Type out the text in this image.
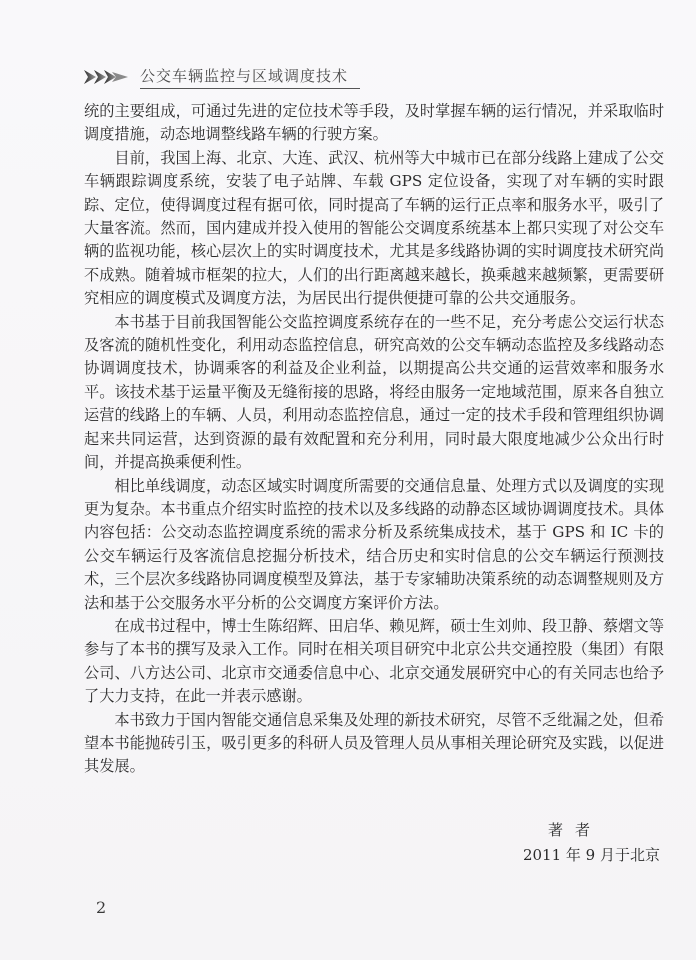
公交车辆监控与区域调度技术

统的主要组成，可通过先进的定位技术等手段，及时掌握车辆的运行情况，并采取临时调度措施，动态地调整线路车辆的行驶方案。

目前，我国上海、北京、大连、武汉、杭州等大中城市已在部分线路上建成了公交车辆跟踪调度系统，安装了电子站牌、车载 GPS 定位设备，实现了对车辆的实时跟踪、定位，使得调度过程有据可依，同时提高了车辆的运行正点率和服务水平，吸引了大量客流。然而，国内建成并投入使用的智能公交调度系统基本上都只实现了对公交车辆的监视功能，核心层次上的实时调度技术，尤其是多线路协调的实时调度技术研究尚不成熟。随着城市框架的拉大，人们的出行距离越来越长，换乘越来越频繁，更需要研究相应的调度模式及调度方法，为居民出行提供便捷可靠的公共交通服务。

本书基于目前我国智能公交监控调度系统存在的一些不足，充分考虑公交运行状态及客流的随机性变化，利用动态监控信息，研究高效的公交车辆动态监控及多线路动态协调调度技术，协调乘客的利益及企业利益，以期提高公共交通的运营效率和服务水平。该技术基于运量平衡及无缝衔接的思路，将经由服务一定地域范围，原来各自独立运营的线路上的车辆、人员，利用动态监控信息，通过一定的技术手段和管理组织协调起来共同运营，达到资源的最有效配置和充分利用，同时最大限度地减少公众出行时间，并提高换乘便利性。

相比单线调度，动态区域实时调度所需要的交通信息量、处理方式以及调度的实现更为复杂。本书重点介绍实时监控的技术以及多线路的动静态区域协调调度技术。具体内容包括：公交动态监控调度系统的需求分析及系统集成技术，基于 GPS 和 IC 卡的公交车辆运行及客流信息挖掘分析技术，结合历史和实时信息的公交车辆运行预测技术，三个层次多线路协同调度模型及算法，基于专家辅助决策系统的动态调整规则及方法和基于公交服务水平分析的公交调度方案评价方法。

在成书过程中，博士生陈绍辉、田启华、赖见辉，硕士生刘帅、段卫静、蔡熠文等参与了本书的撰写及录入工作。同时在相关项目研究中北京公共交通控股（集团）有限公司、八方达公司、北京市交通委信息中心、北京交通发展研究中心的有关同志也给予了大力支持，在此一并表示感谢。

本书致力于国内智能交通信息采集及处理的新技术研究，尽管不乏纰漏之处，但希望本书能抛砖引玉，吸引更多的科研人员及管理人员从事相关理论研究及实践，以促进其发展。

著者
2011 年 9 月于北京
2
